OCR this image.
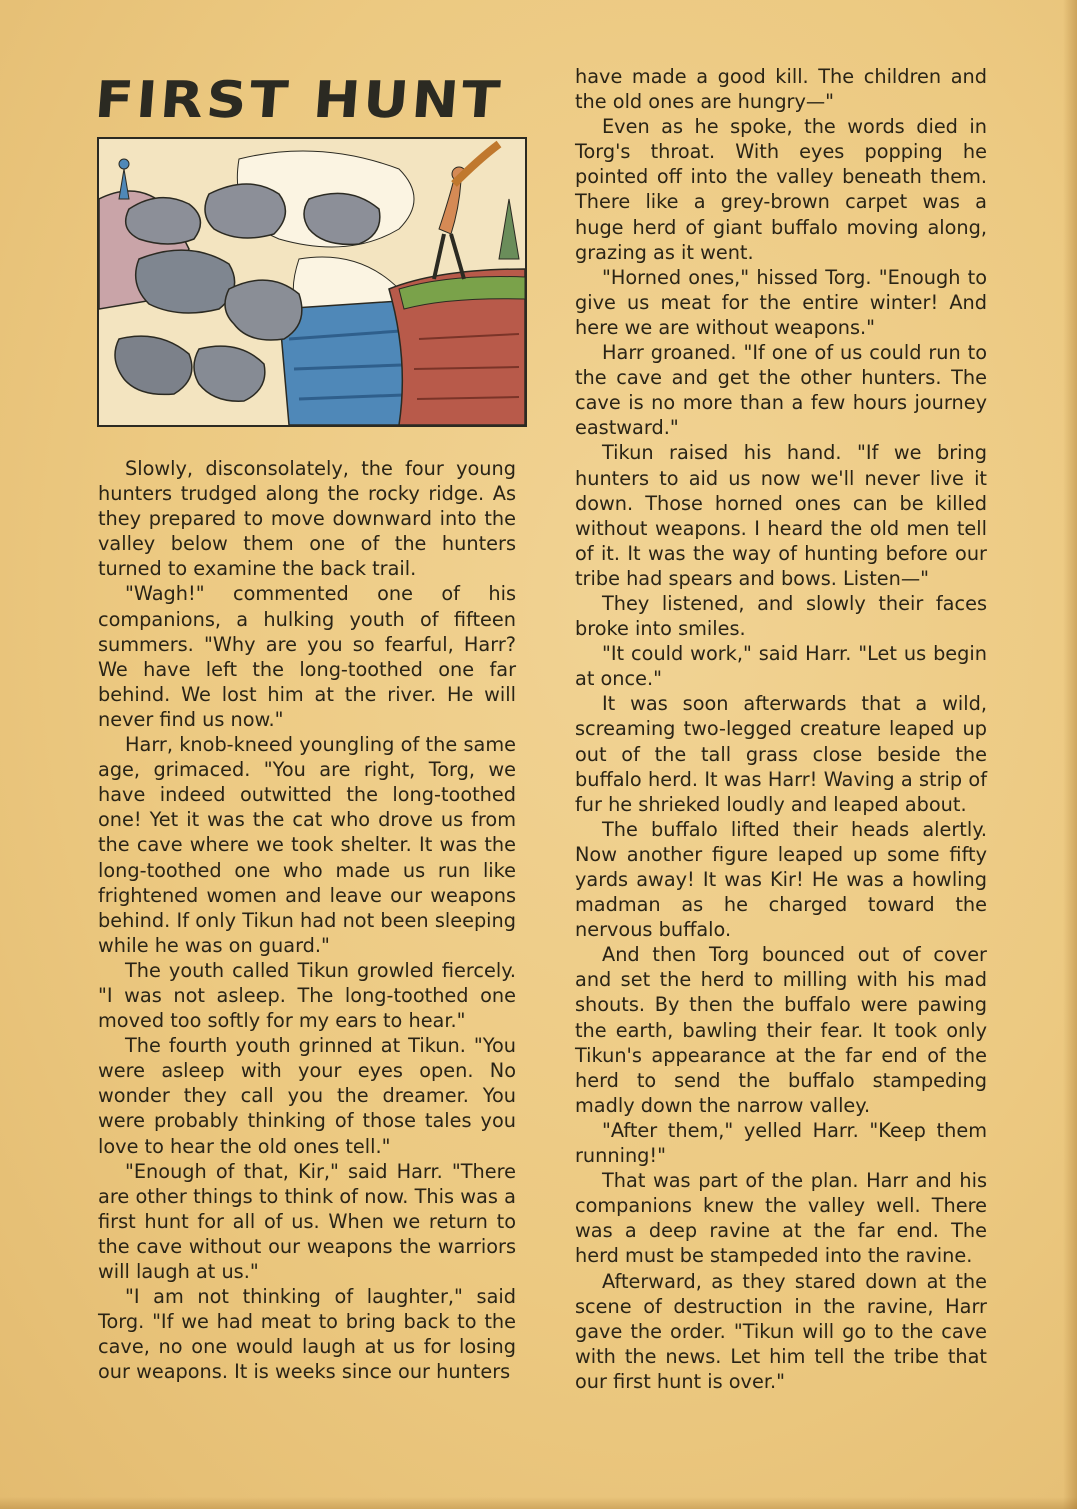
FIRST HUNT

Slowly, disconsolately, the four young hunters trudged along the rocky ridge. As they prepared to move downward into the valley below them one of the hunters turned to examine the back trail.

"Wagh!" commented one of his companions, a hulking youth of fifteen summers. "Why are you so fearful, Harr? We have left the long-toothed one far behind. We lost him at the river. He will never find us now."

Harr, knob-kneed youngling of the same age, grimaced. "You are right, Torg, we have indeed outwitted the long-toothed one! Yet it was the cat who drove us from the cave where we took shelter. It was the long-toothed one who made us run like frightened women and leave our weapons behind. If only Tikun had not been sleeping while he was on guard."

The youth called Tikun growled fiercely. "I was not asleep. The long-toothed one moved too softly for my ears to hear."

The fourth youth grinned at Tikun. "You were asleep with your eyes open. No wonder they call you the dreamer. You were probably thinking of those tales you love to hear the old ones tell."

"Enough of that, Kir," said Harr. "There are other things to think of now. This was a first hunt for all of us. When we return to the cave without our weapons the warriors will laugh at us."

"I am not thinking of laughter," said Torg. "If we had meat to bring back to the cave, no one would laugh at us for losing our weapons. It is weeks since our hunters

have made a good kill. The children and the old ones are hungry—"

Even as he spoke, the words died in Torg's throat. With eyes popping he pointed off into the valley beneath them. There like a grey-brown carpet was a huge herd of giant buffalo moving along, grazing as it went.

"Horned ones," hissed Torg. "Enough to give us meat for the entire winter! And here we are without weapons."

Harr groaned. "If one of us could run to the cave and get the other hunters. The cave is no more than a few hours journey eastward."

Tikun raised his hand. "If we bring hunters to aid us now we'll never live it down. Those horned ones can be killed without weapons. I heard the old men tell of it. It was the way of hunting before our tribe had spears and bows. Listen—"

They listened, and slowly their faces broke into smiles.

"It could work," said Harr. "Let us begin at once."

It was soon afterwards that a wild, screaming two-legged creature leaped up out of the tall grass close beside the buffalo herd. It was Harr! Waving a strip of fur he shrieked loudly and leaped about.

The buffalo lifted their heads alertly. Now another figure leaped up some fifty yards away! It was Kir! He was a howling madman as he charged toward the nervous buffalo.

And then Torg bounced out of cover and set the herd to milling with his mad shouts. By then the buffalo were pawing the earth, bawling their fear. It took only Tikun's appearance at the far end of the herd to send the buffalo stampeding madly down the narrow valley.

"After them," yelled Harr. "Keep them running!"

That was part of the plan. Harr and his companions knew the valley well. There was a deep ravine at the far end. The herd must be stampeded into the ravine.

Afterward, as they stared down at the scene of destruction in the ravine, Harr gave the order. "Tikun will go to the cave with the news. Let him tell the tribe that our first hunt is over."
